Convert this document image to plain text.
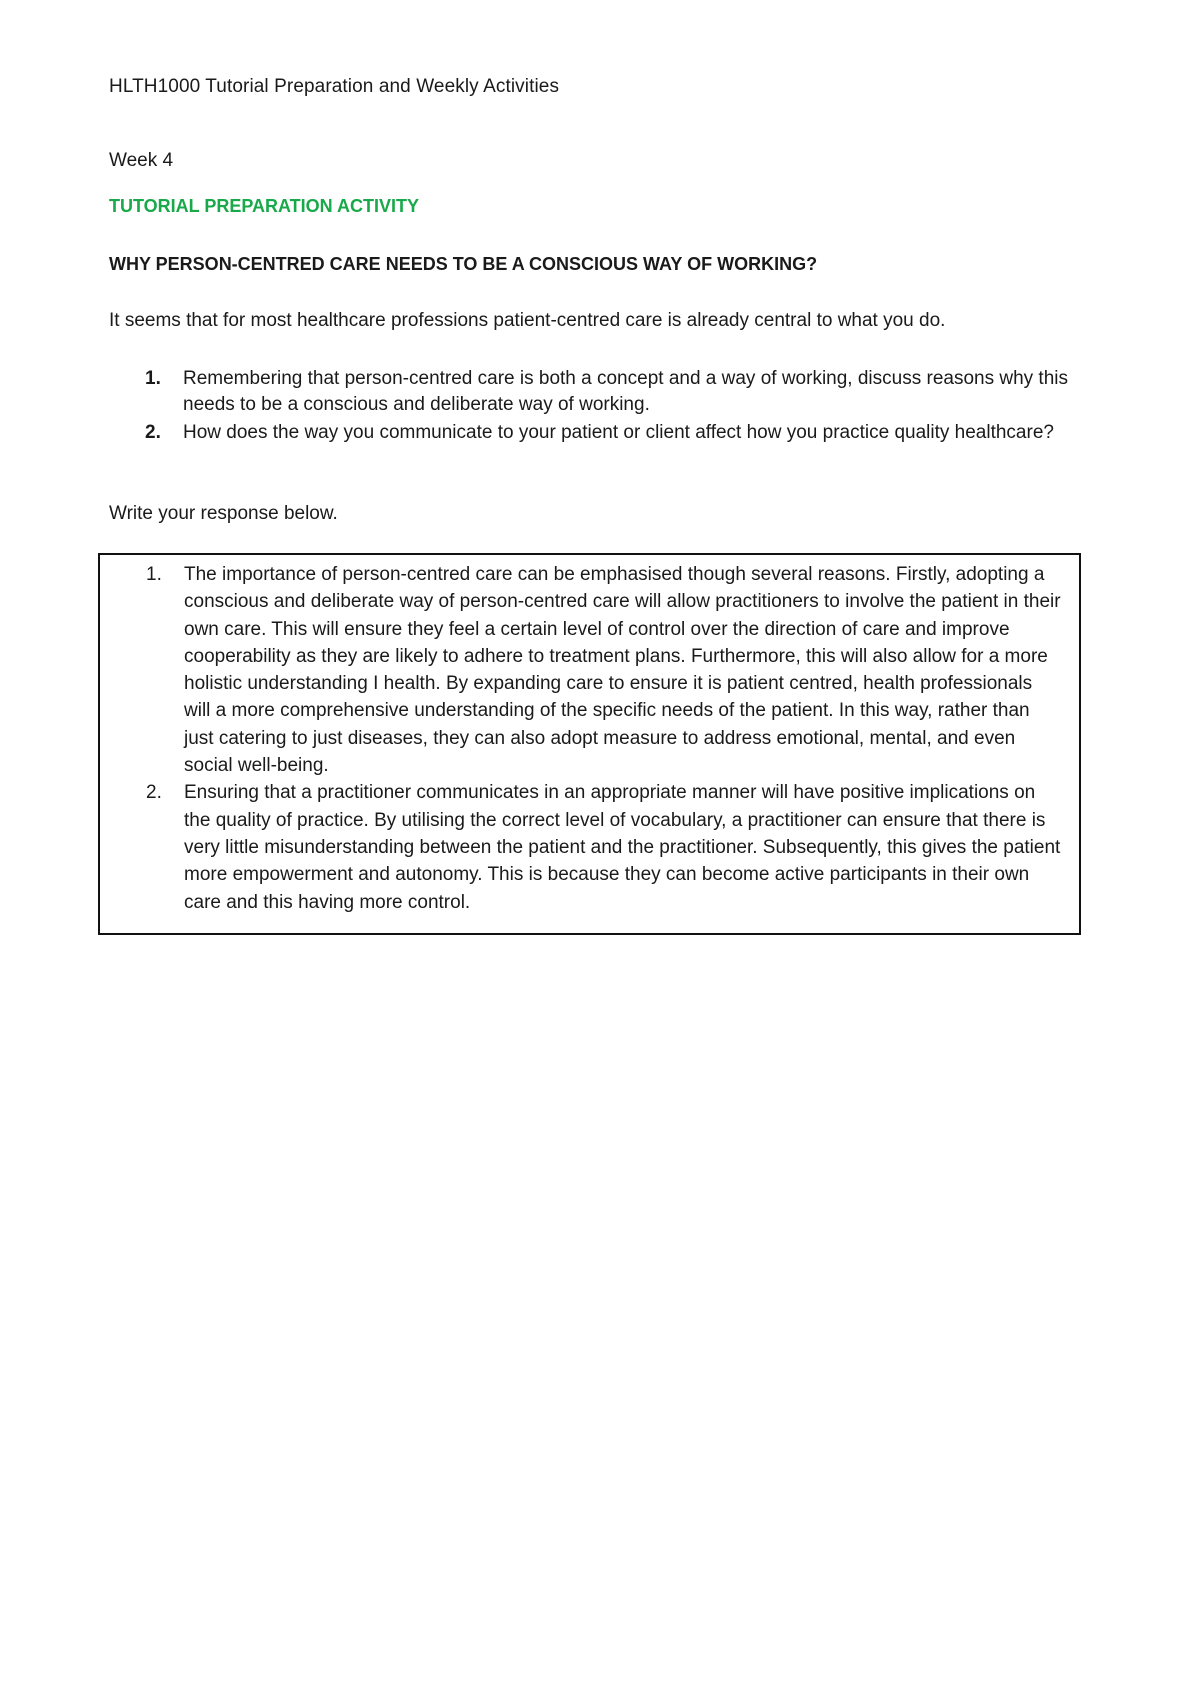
HLTH1000 Tutorial Preparation and Weekly Activities
Week 4
TUTORIAL PREPARATION ACTIVITY
WHY PERSON-CENTRED CARE NEEDS TO BE A CONSCIOUS WAY OF WORKING?
It seems that for most healthcare professions patient-centred care is already central to what you do.
1. Remembering that person-centred care is both a concept and a way of working, discuss reasons why this needs to be a conscious and deliberate way of working.
2. How does the way you communicate to your patient or client affect how you practice quality healthcare?
Write your response below.
1. The importance of person-centred care can be emphasised though several reasons. Firstly, adopting a conscious and deliberate way of person-centred care will allow practitioners to involve the patient in their own care. This will ensure they feel a certain level of control over the direction of care and improve cooperability as they are likely to adhere to treatment plans. Furthermore, this will also allow for a more holistic understanding I health. By expanding care to ensure it is patient centred, health professionals will a more comprehensive understanding of the specific needs of the patient. In this way, rather than just catering to just diseases, they can also adopt measure to address emotional, mental, and even social well-being.
2. Ensuring that a practitioner communicates in an appropriate manner will have positive implications on the quality of practice. By utilising the correct level of vocabulary, a practitioner can ensure that there is very little misunderstanding between the patient and the practitioner. Subsequently, this gives the patient more empowerment and autonomy. This is because they can become active participants in their own care and this having more control.
